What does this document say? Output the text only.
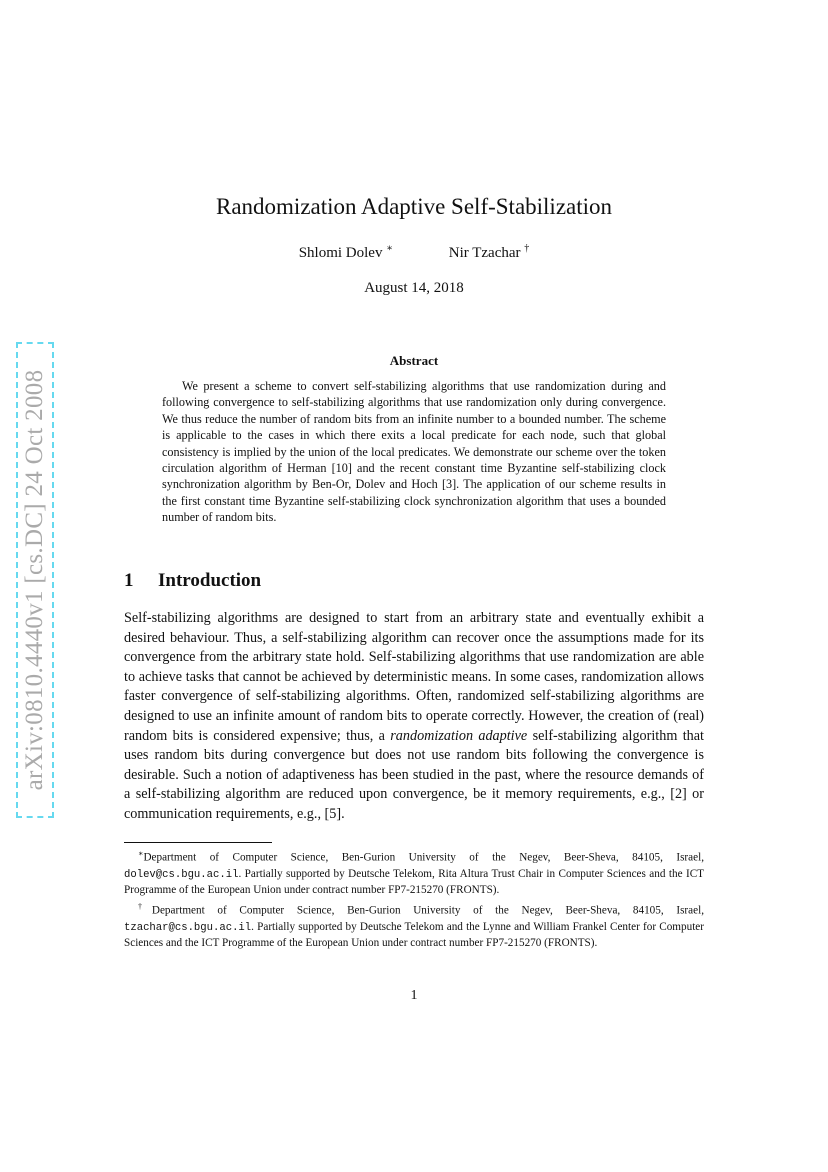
arXiv:0810.4440v1 [cs.DC] 24 Oct 2008
Randomization Adaptive Self-Stabilization
Shlomi Dolev ∗	Nir Tzachar †
August 14, 2018
Abstract

We present a scheme to convert self-stabilizing algorithms that use randomization during and following convergence to self-stabilizing algorithms that use randomization only during convergence. We thus reduce the number of random bits from an infinite number to a bounded number. The scheme is applicable to the cases in which there exits a local predicate for each node, such that global consistency is implied by the union of the local predicates. We demonstrate our scheme over the token circulation algorithm of Herman [10] and the recent constant time Byzantine self-stabilizing clock synchronization algorithm by Ben-Or, Dolev and Hoch [3]. The application of our scheme results in the first constant time Byzantine self-stabilizing clock synchronization algorithm that uses a bounded number of random bits.

1 Introduction

Self-stabilizing algorithms are designed to start from an arbitrary state and eventually exhibit a desired behaviour. Thus, a self-stabilizing algorithm can recover once the assumptions made for its convergence from the arbitrary state hold. Self-stabilizing algorithms that use randomization are able to achieve tasks that cannot be achieved by deterministic means. In some cases, randomization allows faster convergence of self-stabilizing algorithms. Often, randomized self-stabilizing algorithms are designed to use an infinite amount of random bits to operate correctly. However, the creation of (real) random bits is considered expensive; thus, a randomization adaptive self-stabilizing algorithm that uses random bits during convergence but does not use random bits following the convergence is desirable. Such a notion of adaptiveness has been studied in the past, where the resource demands of a self-stabilizing algorithm are reduced upon convergence, be it memory requirements, e.g., [2] or communication requirements, e.g., [5].

∗Department of Computer Science, Ben-Gurion University of the Negev, Beer-Sheva, 84105, Israel, dolev@cs.bgu.ac.il. Partially supported by Deutsche Telekom, Rita Altura Trust Chair in Computer Sciences and the ICT Programme of the European Union under contract number FP7-215270 (FRONTS).

†Department of Computer Science, Ben-Gurion University of the Negev, Beer-Sheva, 84105, Israel, tzachar@cs.bgu.ac.il. Partially supported by Deutsche Telekom and the Lynne and William Frankel Center for Computer Sciences and the ICT Programme of the European Union under contract number FP7-215270 (FRONTS).

1
